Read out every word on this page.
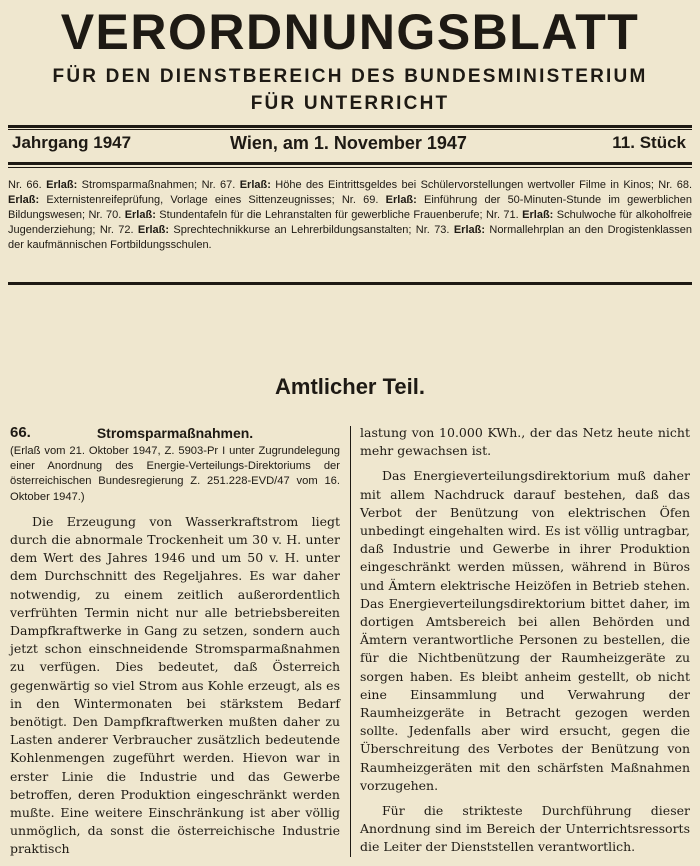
VERORDNUNGSBLATT
FÜR DEN DIENSTBEREICH DES BUNDESMINISTERIUM
FÜR UNTERRICHT
Jahrgang 1947	Wien, am 1. November 1947	11. Stück
Nr. 66. Erlaß: Stromsparmaßnahmen; Nr. 67. Erlaß: Höhe des Eintrittsgeldes bei Schülervorstellungen wertvoller Filme in Kinos; Nr. 68. Erlaß: Externistenreifeprüfung, Vorlage eines Sittenzeugnisses; Nr. 69. Erlaß: Einführung der 50-Minuten-Stunde im gewerblichen Bildungswesen; Nr. 70. Erlaß: Stundentafeln für die Lehranstalten für gewerbliche Frauenberufe; Nr. 71. Erlaß: Schulwoche für alkoholfreie Jugenderziehung; Nr. 72. Erlaß: Sprechtechnikkurse an Lehrerbildungsanstalten; Nr. 73. Erlaß: Normallehrplan an den Drogistenklassen der kaufmännischen Fortbildungsschulen.
Amtlicher Teil.
66.	Stromsparmaßnahmen.
(Erlaß vom 21. Oktober 1947, Z. 5903-Pr I unter Zugrundelegung einer Anordnung des Energie-Verteilungs-Direktoriums der österreichischen Bundesregierung Z. 251.228-EVD/47 vom 16. Oktober 1947.)
Die Erzeugung von Wasserkraftstrom liegt durch die abnormale Trockenheit um 30 v. H. unter dem Wert des Jahres 1946 und um 50 v. H. unter dem Durchschnitt des Regeljahres. Es war daher notwendig, zu einem zeitlich außerordentlich verfrühten Termin nicht nur alle betriebsbereiten Dampfkraftwerke in Gang zu setzen, sondern auch jetzt schon einschneidende Stromsparmaßnahmen zu verfügen. Dies bedeutet, daß Österreich gegenwärtig so viel Strom aus Kohle erzeugt, als es in den Wintermonaten bei stärkstem Bedarf benötigt. Den Dampfkraftwerken mußten daher zu Lasten anderer Verbraucher zusätzlich bedeutende Kohlenmengen zugeführt werden. Hievon war in erster Linie die Industrie und das Gewerbe betroffen, deren Produktion eingeschränkt werden mußte. Eine weitere Einschränkung ist aber völlig unmöglich, da sonst die österreichische Industrie praktisch
lastung von 10.000 KWh., der das Netz heute nicht mehr gewachsen ist.
Das Energieverteilungsdirektorium muß daher mit allem Nachdruck darauf bestehen, daß das Verbot der Benützung von elektrischen Öfen unbedingt eingehalten wird. Es ist völlig untragbar, daß Industrie und Gewerbe in ihrer Produktion eingeschränkt werden müssen, während in Büros und Ämtern elektrische Heizöfen in Betrieb stehen. Das Energieverteilungsdirektorium bittet daher, im dortigen Amtsbereich bei allen Behörden und Ämtern verantwortliche Personen zu bestellen, die für die Nichtbenützung der Raumheizgeräte zu sorgen haben. Es bleibt anheim gestellt, ob nicht eine Einsammlung und Verwahrung der Raumheizgeräte in Betracht gezogen werden sollte. Jedenfalls aber wird ersucht, gegen die Überschreitung des Verbotes der Benützung von Raumheizgeräten mit den schärfsten Maßnahmen vorzugehen.
Für die strikteste Durchführung dieser Anordnung sind im Bereich der Unterrichtsressorts die Leiter der Dienststellen verantwortlich.
